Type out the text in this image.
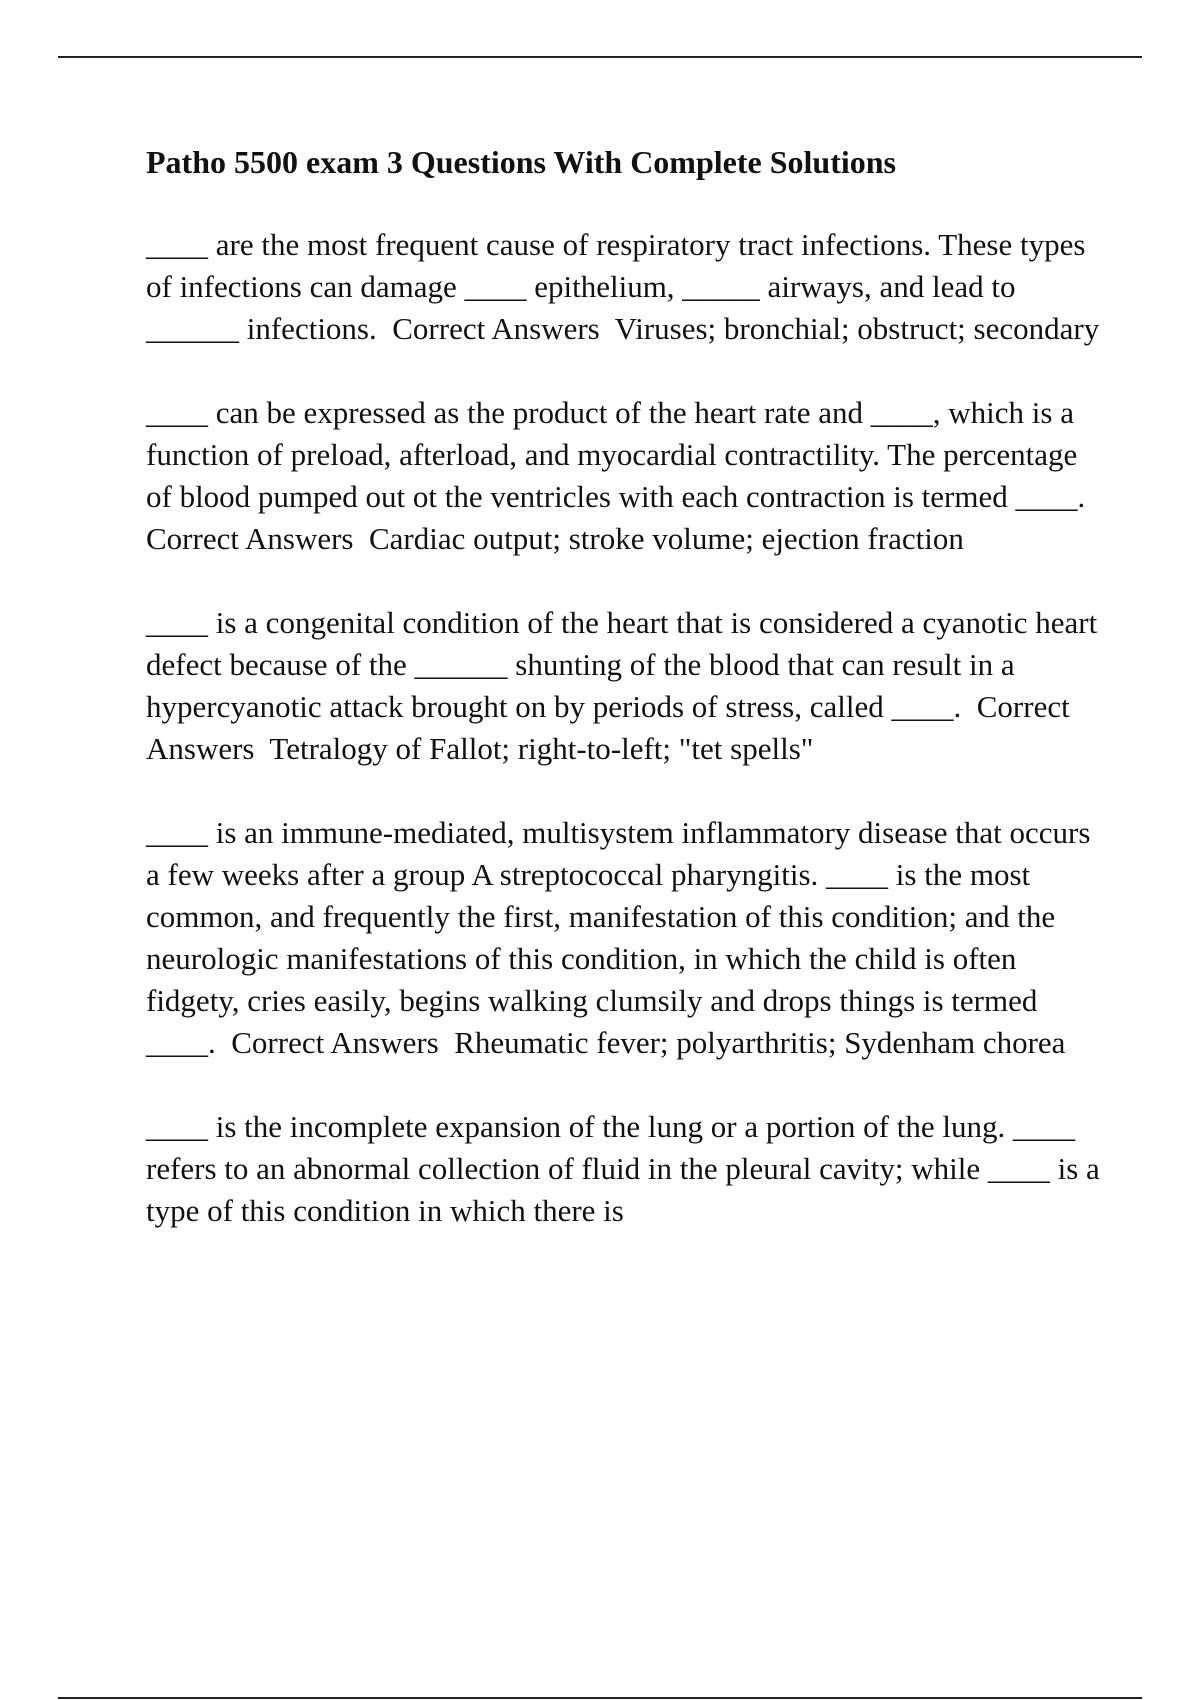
Patho 5500 exam 3 Questions With Complete Solutions

____ are the most frequent cause of respiratory tract infections. These types of infections can damage ____ epithelium, _____ airways, and lead to ______ infections.  Correct Answers  Viruses; bronchial; obstruct; secondary

____ can be expressed as the product of the heart rate and ____, which is a function of preload, afterload, and myocardial contractility. The percentage of blood pumped out ot the ventricles with each contraction is termed ____.  Correct Answers  Cardiac output; stroke volume; ejection fraction

____ is a congenital condition of the heart that is considered a cyanotic heart defect because of the ______ shunting of the blood that can result in a hypercyanotic attack brought on by periods of stress, called ____.  Correct Answers  Tetralogy of Fallot; right-to-left; "tet spells"

____ is an immune-mediated, multisystem inflammatory disease that occurs a few weeks after a group A streptococcal pharyngitis. ____ is the most common, and frequently the first, manifestation of this condition; and the neurologic manifestations of this condition, in which the child is often fidgety, cries easily, begins walking clumsily and drops things is termed ____.  Correct Answers  Rheumatic fever; polyarthritis; Sydenham chorea

____ is the incomplete expansion of the lung or a portion of the lung. ____ refers to an abnormal collection of fluid in the pleural cavity; while ____ is a type of this condition in which there is
